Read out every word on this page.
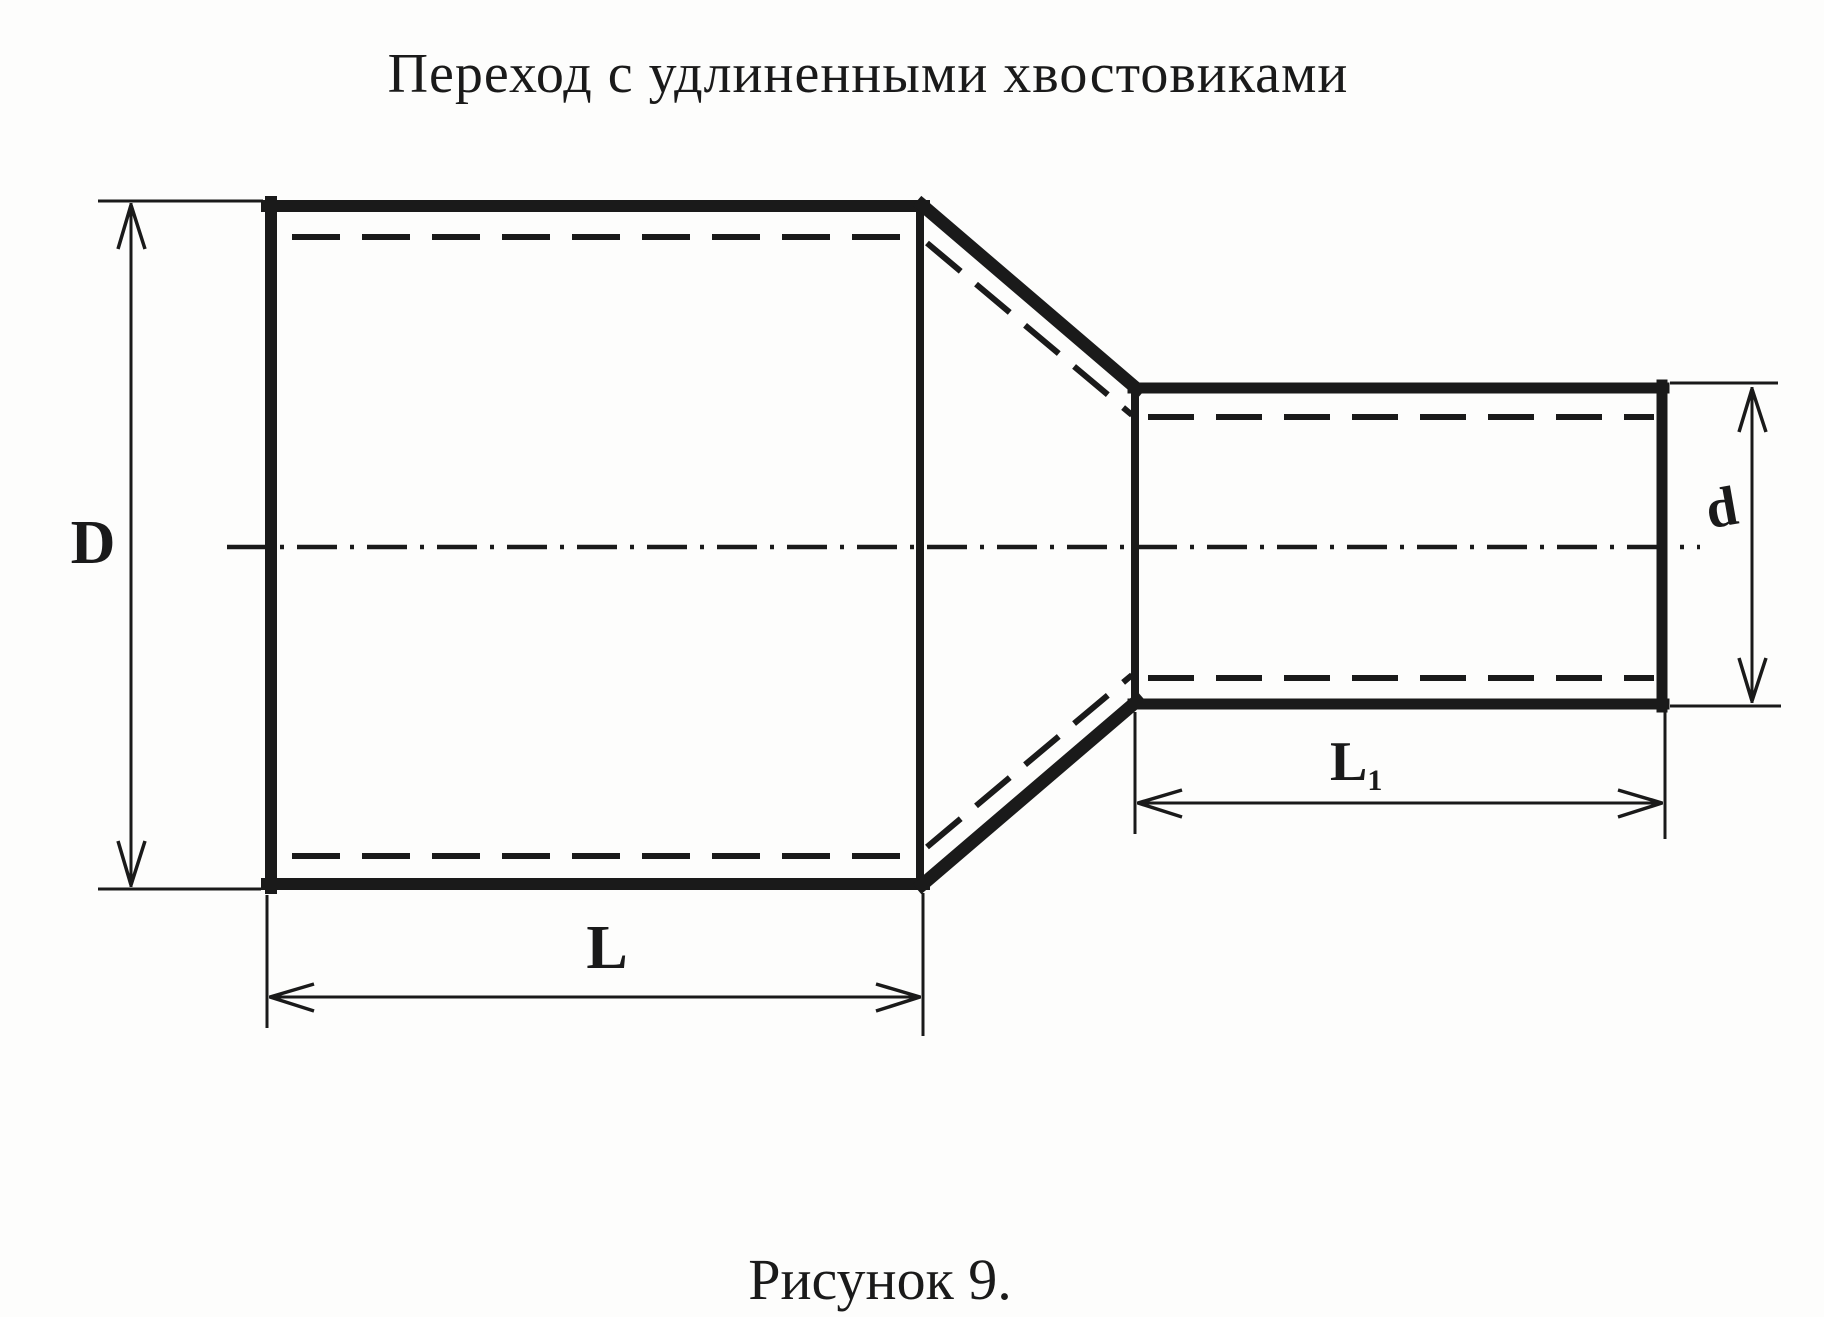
Переход с удлиненными хвостовиками
D
L
d
L1
Рисунок 9.
